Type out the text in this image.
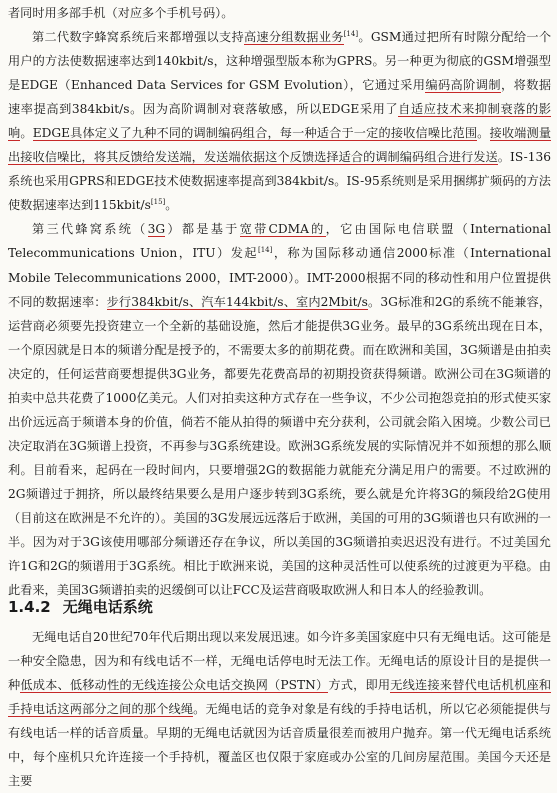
者同时用多部手机（对应多个手机号码）。

第二代数字蜂窝系统后来都增强以支持高速分组数据业务[14]。GSM通过把所有时隙分配给一个用户的方法使数据速率达到140kbit/s，这种增强型版本称为GPRS。另一种更为彻底的GSM增强型是EDGE（Enhanced Data Services for GSM Evolution），它通过采用编码高阶调制，将数据速率提高到384kbit/s。因为高阶调制对衰落敏感，所以EDGE采用了自适应技术来抑制衰落的影响。EDGE具体定义了九种不同的调制编码组合，每一种适合于一定的接收信噪比范围。接收端测量出接收信噪比，将其反馈给发送端，发送端依据这个反馈选择适合的调制编码组合进行发送。IS-136系统也采用GPRS和EDGE技术使数据速率提高到384kbit/s。IS-95系统则是采用捆绑扩频码的方法使数据速率达到115kbit/s[15]。

第三代蜂窝系统（3G）都是基于宽带CDMA的，它由国际电信联盟（International Telecommunications Union，ITU）发起[14]，称为国际移动通信2000标准（International Mobile Telecommunications 2000，IMT-2000）。IMT-2000根据不同的移动性和用户位置提供不同的数据速率：步行384kbit/s、汽车144kbit/s、室内2Mbit/s。3G标准和2G的系统不能兼容，运营商必须要先投资建立一个全新的基础设施，然后才能提供3G业务。最早的3G系统出现在日本，一个原因就是日本的频谱分配是授予的，不需要太多的前期花费。而在欧洲和美国，3G频谱是由拍卖决定的，任何运营商要想提供3G业务，都要先花费高昂的初期投资获得频谱。欧洲公司在3G频谱的拍卖中总共花费了1000亿美元。人们对拍卖这种方式存在一些争议，不少公司抱怨竞拍的形式使买家出价远远高于频谱本身的价值，倘若不能从拍得的频谱中充分获利，公司就会陷入困境。少数公司已决定取消在3G频谱上投资，不再参与3G系统建设。欧洲3G系统发展的实际情况并不如预想的那么顺利。目前看来，起码在一段时间内，只要增强2G的数据能力就能充分满足用户的需要。不过欧洲的2G频谱过于拥挤，所以最终结果要么是用户逐步转到3G系统，要么就是允许将3G的频段给2G使用（目前这在欧洲是不允许的）。美国的3G发展远远落后于欧洲，美国的可用的3G频谱也只有欧洲的一半。因为对于3G该使用哪部分频谱还存在争议，所以美国的3G频谱拍卖迟迟没有进行。不过美国允许1G和2G的频谱用于3G系统。相比于欧洲来说，美国的这种灵活性可以使系统的过渡更为平稳。由此看来，美国3G频谱拍卖的迟缓倒可以让FCC及运营商吸取欧洲人和日本人的经验教训。

1.4.2 无绳电话系统

无绳电话自20世纪70年代后期出现以来发展迅速。如今许多美国家庭中只有无绳电话。这可能是一种安全隐患，因为和有线电话不一样，无绳电话停电时无法工作。无绳电话的原设计目的是提供一种低成本、低移动性的无线连接公众电话交换网（PSTN）方式，即用无线连接来替代电话机机座和手持电话这两部分之间的那个线绳。无绳电话的竞争对象是有线的手持电话机，所以它必须能提供与有线电话一样的话音质量。早期的无绳电话就因为话音质量很差而被用户抛弃。第一代无绳电话系统中，每个座机只允许连接一个手持机，覆盖区也仅限于家庭或办公室的几间房屋范围。美国今天还是主要
